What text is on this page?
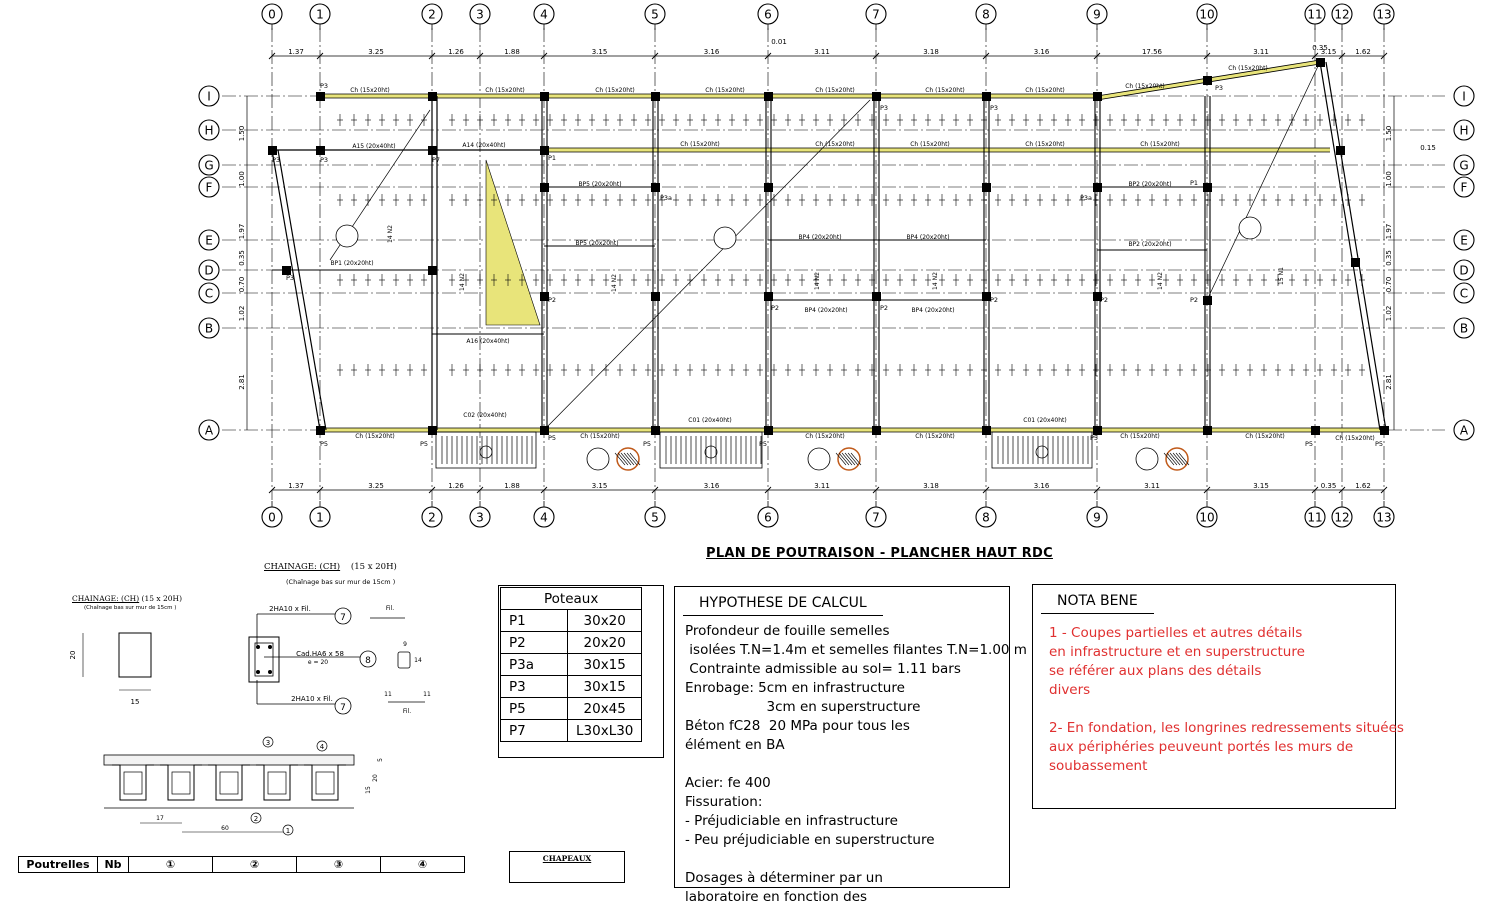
P3
P3	P3	P7	P1
P1
P2
P2	P2
P2	P2	P2
P3	P3
P3a
P3a
P3
P3
P5	P5
P5
P5	P5
P5
P5	P5
Ch (15x20ht)	Ch (15x20ht)	Ch (15x20ht)	Ch (15x20ht)	Ch (15x20ht)	Ch (15x20ht)	Ch (15x20ht)
Ch (15x20ht)
Ch (15x20ht)
Ch (15x20ht)	Ch (15x20ht)	Ch (15x20ht)	Ch (15x20ht)	Ch (15x20ht)	Ch (15x20ht)	Ch (15x20ht)
Ch (15x20ht)	Ch (15x20ht)	Ch (15x20ht)	Ch (15x20ht)	Ch (15x20ht)
A14 (20x40ht)
A15 (20x40ht)
A16 (20x40ht)
BP1 (20x20ht)
BP5 (20x20ht)
BP5 (20x20ht)
BP4 (20x20ht)	BP4 (20x20ht)
BP4 (20x20ht)	BP4 (20x20ht)
BP2 (20x20ht)
BP2 (20x20ht)
C02 (20x40ht)
C01 (20x40ht)	C01 (20x40ht)
14 N2
14 N2	14 N2	14 N2	14 N2	14 N2	15 N1
0
0
1
1
2
2
3
3
4
4
5
5
6
6
7
7
8
8
9
9
10
10
11
11
12
12
13
13
I	I
H	H
G	G
F	F
E	E
D	D
C	C
B	B
A	A
1.37	3.25	1.26	1.88	3.15	3.16	3.11	3.18	3.16	17.56	3.11	3.15	1.62
1.37	3.25	1.26	1.88	3.15	3.16	3.11	3.18	3.16	3.11	3.15	0.35	1.62
0.01
0.35
1.50
1.00
1.97
0.35
0.70
1.02
2.81
1.50
1.00
1.97
0.35
0.70
1.02
2.81
0.15
20
15
2HA10 x Fil.
7
Fil.
Cad.HA6 x 58
e = 20	8
9
14
2HA10 x Fil.
7	Fil.
11	11
17
60
15
20
5
3	4
2
1
PLAN DE POUTRAISON - PLANCHER HAUT RDC
CHAINAGE: (CH) (15 x 20H)
(Chaînage bas sur mur de 15cm )
CHAINAGE: (CH) (15 x 20H)
(Chaînage bas sur mur de 15cm )
Poteaux	
P1	30x20
P2	20x20
P3a	30x15
P3	30x15
P5	20x45
P7	L30xL30
HYPOTHESE DE CALCUL
Profondeur de fouille semelles
isolées T.N=1.4m et semelles filantes T.N=1.00 m
Contrainte admissible au sol= 1.11 bars
Enrobage: 5cm en infrastructure
3cm en superstructure
Béton fC28  20 MPa pour tous les
élément en BA

Acier: fe 400
Fissuration:
- Préjudiciable en infrastructure
- Peu préjudiciable en superstructure

Dosages à déterminer par un
laboratoire en fonction des
NOTA BENE
1 - Coupes partielles et autres détails
en infrastructure et en superstructure
se référer aux plans des détails
divers

2- En fondation, les longrines redressements situées
aux périphéries peuveunt portés les murs de
soubassement
CHAPEAUX
Poutrelles	Nb	①	②	③	④
